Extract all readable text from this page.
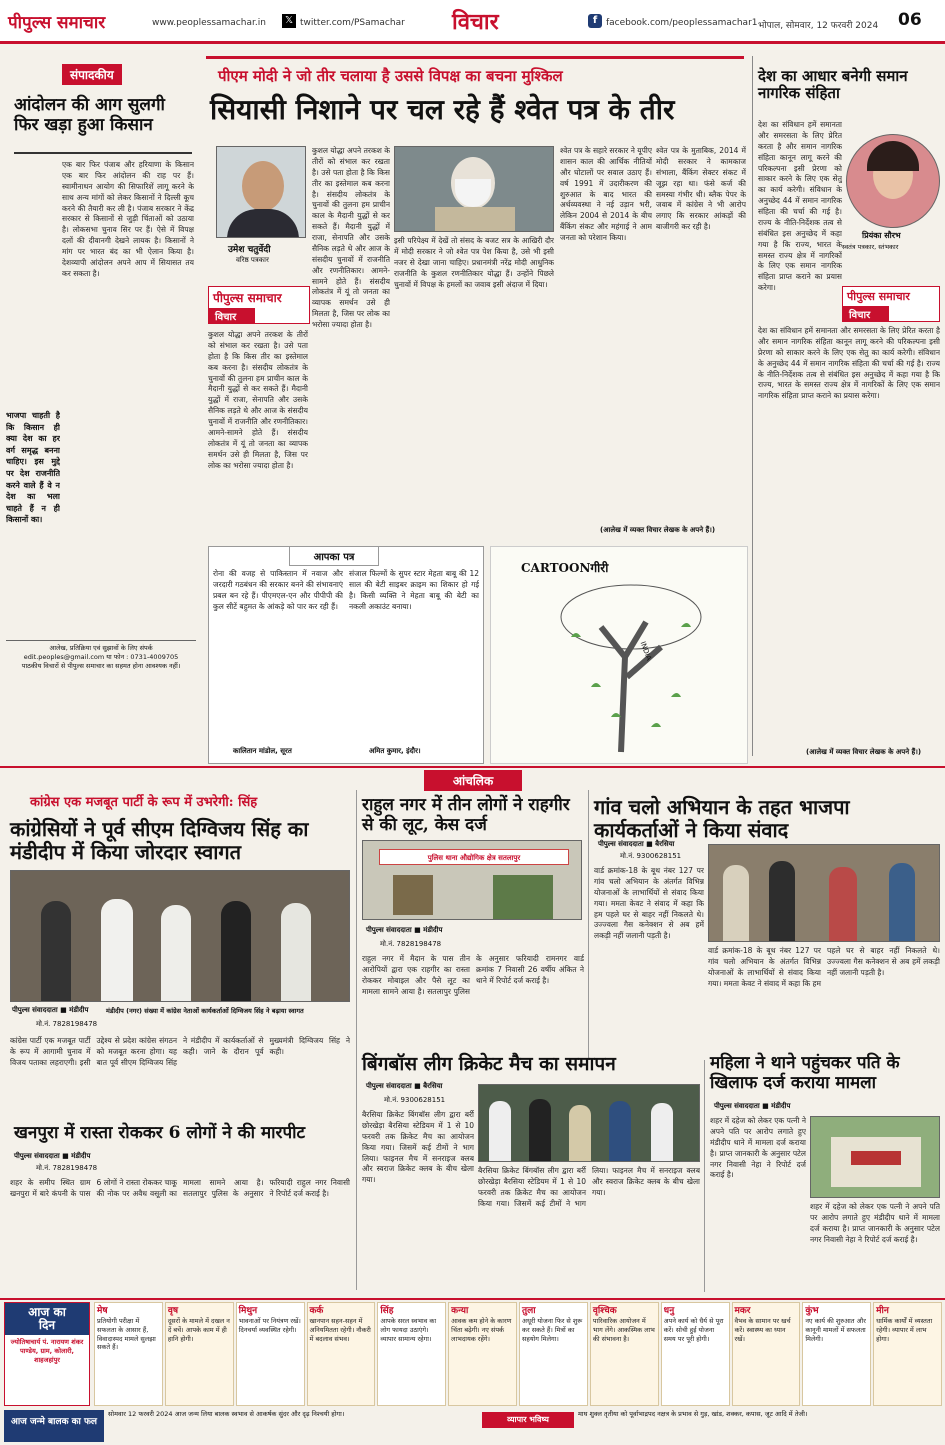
पीपुल्स समाचार	www.peoplessamachar.in 𝕏 twitter.com/PSamachar विचार	f facebook.com/peoplessamachar1 भोपाल, सोमवार, 12 फरवरी 2024 06
संपादकीय
आंदोलन की आग सुलगी फिर खड़ा हुआ किसान
एक बार फिर पंजाब और हरियाणा के किसान एक बार फिर आंदोलन की राह पर हैं। स्वामीनाथन आयोग की सिफारिशें लागू करने के साथ अन्य मांगों को लेकर किसानों ने दिल्ली कूच करने की तैयारी कर ली है। पंजाब सरकार ने केंद्र सरकार से किसानों से जुड़ी चिंताओं को उठाया है। लोकसभा चुनाव सिर पर हैं। ऐसे में विपक्ष दलों की दीवानगी देखने लायक है। किसानों ने मांग पर भारत बंद का भी ऐलान किया है। देशव्यापी आंदोलन अपने आप में सियासत तय कर सकता है।
भाजपा चाहती है कि किसान ही क्या देश का हर वर्ग समृद्ध बनना चाहिए। इस मुद्दे पर देश राजनीति करने वाले हैं वे न देश का भला चाहते हैं न ही किसानों का।
आलेख, प्रतिक्रिया एवं सुझावों के लिए संपर्क
edit.peoples@gmail.com या फोन : 0731-4009705
पाठकीय विचारों से पीपुल्स समाचार का सहमत होना आवश्यक नहीं।
पीएम मोदी ने जो तीर चलाया है उससे विपक्ष का बचना मुश्किल
सियासी निशाने पर चल रहे हैं श्वेत पत्र के तीर
उमेश चतुर्वेदी
वरिष्ठ पत्रकार
पीपुल्स समाचार
विचार
कुशल योद्धा अपने तरकश के तीरों को संभाल कर रखता है। उसे पता होता है कि किस तीर का इस्तेमाल कब करना है। संसदीय लोकतंत्र के चुनावों की तुलना हम प्राचीन काल के मैदानी युद्धों से कर सकते हैं। मैदानी युद्धों में राजा, सेनापति और उसके सैनिक लड़ते थे और आज के संसदीय चुनावों में राजनीति और रणनीतिकार। आमने-सामने होते हैं। संसदीय लोकतंत्र में यूं तो जनता का व्यापक समर्थन उसे ही मिलता है, जिस पर लोक का भरोसा ज्यादा होता है।
कुशल योद्धा अपने तरकश के तीरों को संभाल कर रखता है। उसे पता होता है कि किस तीर का इस्तेमाल कब करना है। संसदीय लोकतंत्र के चुनावों की तुलना हम प्राचीन काल के मैदानी युद्धों से कर सकते हैं। मैदानी युद्धों में राजा, सेनापति और उसके सैनिक लड़ते थे और आज के संसदीय चुनावों में राजनीति और रणनीतिकार। आमने-सामने होते हैं। संसदीय लोकतंत्र में यूं तो जनता का व्यापक समर्थन उसे ही मिलता है, जिस पर लोक का भरोसा ज्यादा होता है।
इसी परिपेक्ष्य में देखें तो संसद के बजट सत्र के आखिरी दौर में मोदी सरकार ने जो श्वेत पत्र पेश किया है, उसे भी इसी नजर से देखा जाना चाहिए। प्रधानमंत्री नरेंद्र मोदी आधुनिक राजनीति के कुशल रणनीतिकार योद्धा हैं। उन्होंने पिछले चुनावों में विपक्ष के हमलों का जवाब इसी अंदाज में दिया।
श्वेत पत्र के सहारे सरकार ने यूपीए शासन काल की आर्थिक नीतियों और घोटालों पर सवाल उठाए हैं। वर्ष 1991 में उदारीकरण की शुरुआत के बाद भारत की अर्थव्यवस्था ने नई उड़ान भरी, लेकिन 2004 से 2014 के बीच बैंकिंग संकट और महंगाई ने आम जनता को परेशान किया।
श्वेत पत्र के मुताबिक, 2014 में मोदी सरकार ने कामकाज संभाला, बैंकिंग सेक्टर संकट में जूझ रहा था। फंसे कर्ज की समस्या गंभीर थी। ब्लैक पेपर के जवाब में कांग्रेस ने भी आरोप लगाए कि सरकार आंकड़ों की बाजीगरी कर रही है।
(आलेख में व्यक्त विचार लेखक के अपने हैं।)
देश का आधार बनेगी समान नागरिक संहिता
प्रियंका सौरभ
स्वतंत्र पत्रकार, स्तंभकार
देश का संविधान हमें समानता और समरसता के लिए प्रेरित करता है और समान नागरिक संहिता कानून लागू करने की परिकल्पना इसी प्रेरणा को साकार करने के लिए एक सेतु का कार्य करेगी। संविधान के अनुच्छेद 44 में समान नागरिक संहिता की चर्चा की गई है। राज्य के नीति-निर्देशक तत्व से संबंधित इस अनुच्छेद में कहा गया है कि राज्य, भारत के समस्त राज्य क्षेत्र में नागरिकों के लिए एक समान नागरिक संहिता प्राप्त कराने का प्रयास करेगा।
पीपुल्स समाचार
विचार
देश का संविधान हमें समानता और समरसता के लिए प्रेरित करता है और समान नागरिक संहिता कानून लागू करने की परिकल्पना इसी प्रेरणा को साकार करने के लिए एक सेतु का कार्य करेगी। संविधान के अनुच्छेद 44 में समान नागरिक संहिता की चर्चा की गई है। राज्य के नीति-निर्देशक तत्व से संबंधित इस अनुच्छेद में कहा गया है कि राज्य, भारत के समस्त राज्य क्षेत्र में नागरिकों के लिए एक समान नागरिक संहिता प्राप्त कराने का प्रयास करेगा।
(आलेख में व्यक्त विचार लेखक के अपने हैं।)
आपका पत्र
रोना की वजह से पाकिस्तान में नवाज और जरदारी गठबंधन की सरकार बनने की संभावनाएं प्रबल बन रहे हैं। पीएमएल-एन और पीपीपी की कुल सीटें बहुमत के आंकड़े को पार कर रही हैं।
कालितान मांडोल, सूरत
संजाल फिल्मों के सुपर स्टार मेहता बाबू की 12 साल की बेटी साइबर क्राइम का शिकार हो गई है। किसी व्यक्ति ने मेहता बाबू की बेटी का नकली अकाउंट बनाया।
अमित कुमार, इंदौर।
CARTOONगीरी
INDIA
आंचलिक
कांग्रेस एक मजबूत पार्टी के रूप में उभरेगी: सिंह
कांग्रेसियों ने पूर्व सीएम दिग्विजय सिंह का मंडीदीप में किया जोरदार स्वागत
पीपुल्स संवाददाता ■ मंडीदीप
मो.नं. 7828198478
मंडीदीप (नगर) संख्या में कांग्रेस नेताओं कार्यकर्ताओं दिग्विजय सिंह ने बढ़ाया स्वागत
कांग्रेस पार्टी एक मजबूत पार्टी के रूप में आगामी चुनाव में विजय पताका लहराएगी। इसी उद्देश्य से प्रदेश कांग्रेस संगठन को मजबूत करना होगा। यह बात पूर्व सीएम दिग्विजय सिंह ने मंडीदीप में कार्यकर्ताओं से कही। जाने के दौरान पूर्व मुख्यमंत्री दिग्विजय सिंह ने कही।
खनपुरा में रास्ता रोककर 6 लोगों ने की मारपीट
पीपुल्स संवाददाता ■ मंडीदीप
मो.नं. 7828198478
शहर के समीप स्थित ग्राम खनपुरा में बारे कंपनी के पास 6 लोगों ने रास्ता रोककर चाकू की नोक पर अवैध वसूली का मामला सामने आया है। सतलापुर पुलिस के अनुसार फरियादी राहुल नगर निवासी ने रिपोर्ट दर्ज कराई है।
राहुल नगर में तीन लोगों ने राहगीर से की लूट, केस दर्ज
पुलिस थाना औद्योगिक क्षेत्र सतलापुर
पीपुल्स संवाददाता ■ मंडीदीप
मो.नं. 7828198478
राहुल नगर में मैदान के पास तीन आरोपियों द्वारा एक राहगीर का रास्ता रोककर मोबाइल और पैसे लूट का मामला सामने आया है। सतलापुर पुलिस के अनुसार फरियादी रामनगर वार्ड क्रमांक 7 निवासी 26 वर्षीय अंकित ने थाने में रिपोर्ट दर्ज कराई है।
गांव चलो अभियान के तहत भाजपा कार्यकर्ताओं ने किया संवाद
पीपुल्स संवाददाता ■ बैरसिया
मो.नं. 9300628151
वार्ड क्रमांक-18 के बूथ नंबर 127 पर गांव चलो अभियान के अंतर्गत विभिन्न योजनाओं के लाभार्थियों से संवाद किया गया। ममता केवट ने संवाद में कहा कि हम पहले घर से बाहर नहीं निकलते थे। उज्ज्वला गैस कनेक्शन से अब हमें लकड़ी नहीं जलानी पड़ती है।
वार्ड क्रमांक-18 के बूथ नंबर 127 पर गांव चलो अभियान के अंतर्गत विभिन्न योजनाओं के लाभार्थियों से संवाद किया गया। ममता केवट ने संवाद में कहा कि हम पहले घर से बाहर नहीं निकलते थे। उज्ज्वला गैस कनेक्शन से अब हमें लकड़ी नहीं जलानी पड़ती है।
बिंगबॉस लीग क्रिकेट मैच का समापन
पीपुल्स संवाददाता ■ बैरसिया
मो.नं. 9300628151
बैरसिया क्रिकेट बिंगबॉस लीग द्वारा बर्री छोरखेड़ा बैरसिया स्टेडियम में 1 से 10 फरवरी तक क्रिकेट मैच का आयोजन किया गया। जिसमें कई टीमों ने भाग लिया। फाइनल मैच में सनराइज क्लब और स्वराज क्रिकेट क्लब के बीच खेला गया।
बैरसिया क्रिकेट बिंगबॉस लीग द्वारा बर्री छोरखेड़ा बैरसिया स्टेडियम में 1 से 10 फरवरी तक क्रिकेट मैच का आयोजन किया गया। जिसमें कई टीमों ने भाग लिया। फाइनल मैच में सनराइज क्लब और स्वराज क्रिकेट क्लब के बीच खेला गया।
महिला ने थाने पहुंचकर पति के खिलाफ दर्ज कराया मामला
पीपुल्स संवाददाता ■ मंडीदीप
शहर में दहेज को लेकर एक पत्नी ने अपने पति पर आरोप लगाते हुए मंडीदीप थाने में मामला दर्ज कराया है। प्राप्त जानकारी के अनुसार पटेल नगर निवासी नेहा ने रिपोर्ट दर्ज कराई है।
शहर में दहेज को लेकर एक पत्नी ने अपने पति पर आरोप लगाते हुए मंडीदीप थाने में मामला दर्ज कराया है। प्राप्त जानकारी के अनुसार पटेल नगर निवासी नेहा ने रिपोर्ट दर्ज कराई है।
आज का
दिन
ज्योतिषाचार्य पं. नारायण शंकर पाण्डेय, ग्राम, कोलारी, शाहजहांपुर
मेष
प्रतियोगी परीक्षा में सफलता के आसार हैं, विवादास्पद मामले सुलझा सकते हैं।
वृष
दूसरों के मामले में दखल न दें बचें। आपके काम में ही हानि होगी।
मिथुन
भावनाओं पर नियंत्रण रखें। दिनचर्या व्यवस्थित रहेगी।
कर्क
खानपान सहन-सहन में अनियमितता रहेगी। नौकरी में बदलाव संभव।
सिंह
आपके सरल स्वभाव का लोग फायदा उठाएंगे। व्यापार सामान्य रहेगा।
कन्या
आवक कम होने के कारण चिंता बढ़ेगी। नए संपर्क लाभदायक रहेंगे।
तुला
अधूरी योजना फिर से शुरू कर सकते हैं। मित्रों का सहयोग मिलेगा।
वृश्चिक
पारिवारिक आयोजन में भाग लेंगे। आकस्मिक लाभ की संभावना है।
धनु
अपने कार्य को धैर्य से पूरा करें। सोची हुई योजना समय पर पूरी होगी।
मकर
वैभव के सामान पर खर्च करें। स्वास्थ्य का ध्यान रखें।
कुंभ
नए कार्य की शुरुआत और कानूनी मामलों में सफलता मिलेगी।
मीन
धार्मिक कार्यों में व्यस्तता रहेगी। व्यापार में लाभ होगा।
आज जन्मे बालक का फल
सोमवार 12 फरवरी 2024 आज जन्म लिया बालक स्वभाव से आकर्षक सुंदर और दृढ़ निश्चयी होगा।
व्यापार भविष्य
माघ शुक्ल तृतीया को पूर्वाभाद्रपद नक्षत्र के प्रभाव से गुड़, खांड, शक्कर, कपास, जूट आदि में तेजी।
